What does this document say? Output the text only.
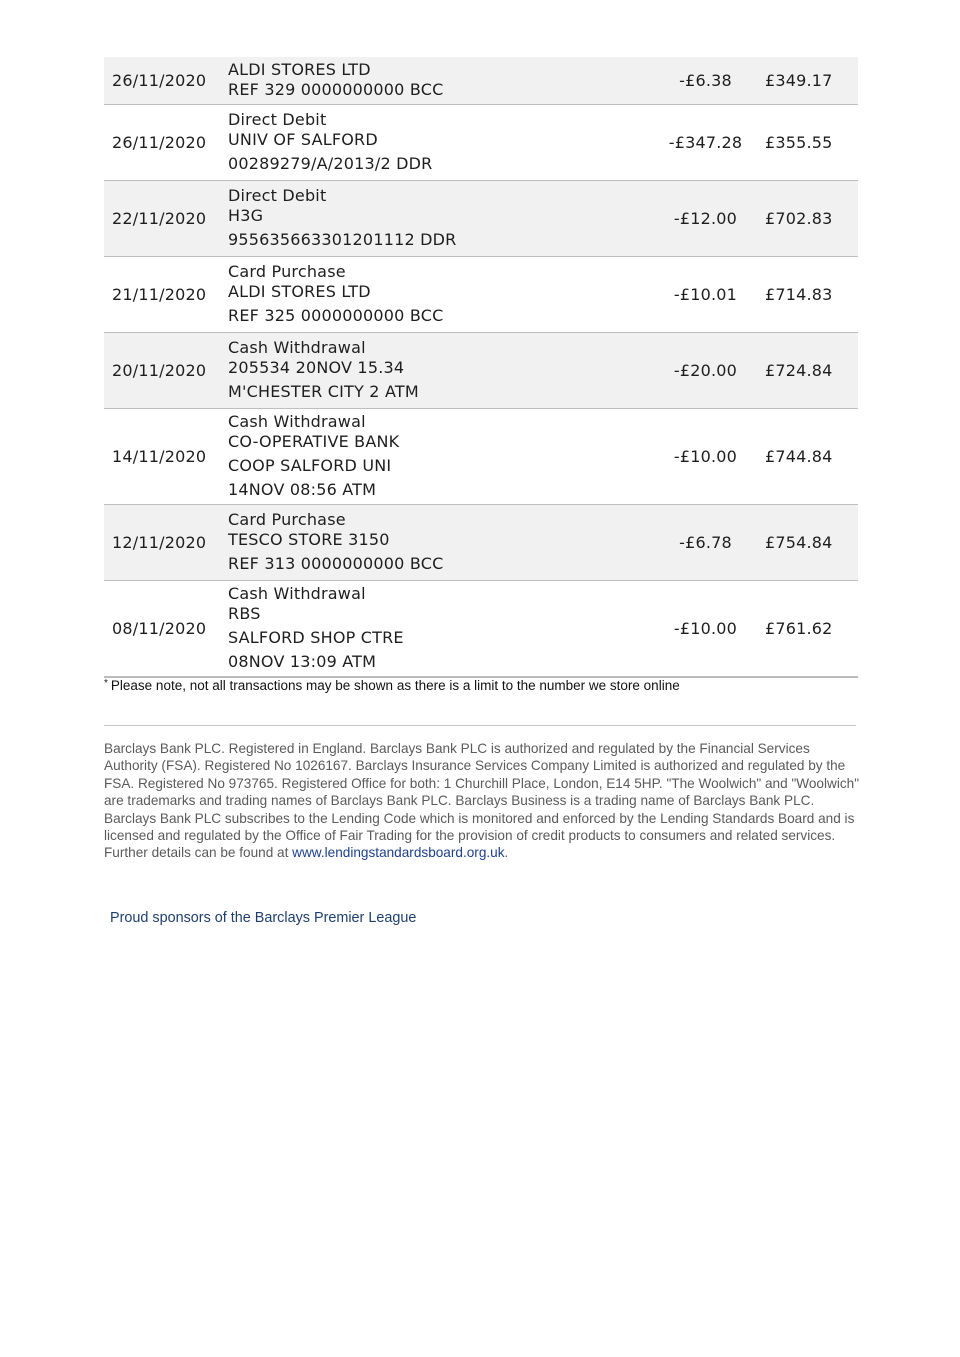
26/11/2020	ALDI STORES LTD
REF 329 0000000000 BCC	-£6.38	£349.17
26/11/2020	Direct Debit
UNIV OF SALFORD
00289279/A/2013/2 DDR	-£347.28	£355.55
22/11/2020	Direct Debit
H3G
955635663301201112 DDR	-£12.00	£702.83
21/11/2020	Card Purchase
ALDI STORES LTD
REF 325 0000000000 BCC	-£10.01	£714.83
20/11/2020	Cash Withdrawal
205534 20NOV 15.34
M'CHESTER CITY 2 ATM	-£20.00	£724.84
14/11/2020	Cash Withdrawal
CO-OPERATIVE BANK
COOP SALFORD UNI
14NOV 08:56 ATM	-£10.00	£744.84
12/11/2020	Card Purchase
TESCO STORE 3150
REF 313 0000000000 BCC	-£6.78	£754.84
08/11/2020	Cash Withdrawal
RBS
SALFORD SHOP CTRE
08NOV 13:09 ATM	-£10.00	£761.62
* Please note, not all transactions may be shown as there is a limit to the number we store online

Barclays Bank PLC. Registered in England. Barclays Bank PLC is authorized and regulated by the Financial Services Authority (FSA). Registered No 1026167. Barclays Insurance Services Company Limited is authorized and regulated by the FSA. Registered No 973765. Registered Office for both: 1 Churchill Place, London, E14 5HP. "The Woolwich" and "Woolwich" are trademarks and trading names of Barclays Bank PLC. Barclays Business is a trading name of Barclays Bank PLC. Barclays Bank PLC subscribes to the Lending Code which is monitored and enforced by the Lending Standards Board and is licensed and regulated by the Office of Fair Trading for the provision of credit products to consumers and related services. Further details can be found at www.lendingstandardsboard.org.uk.

Proud sponsors of the Barclays Premier League
